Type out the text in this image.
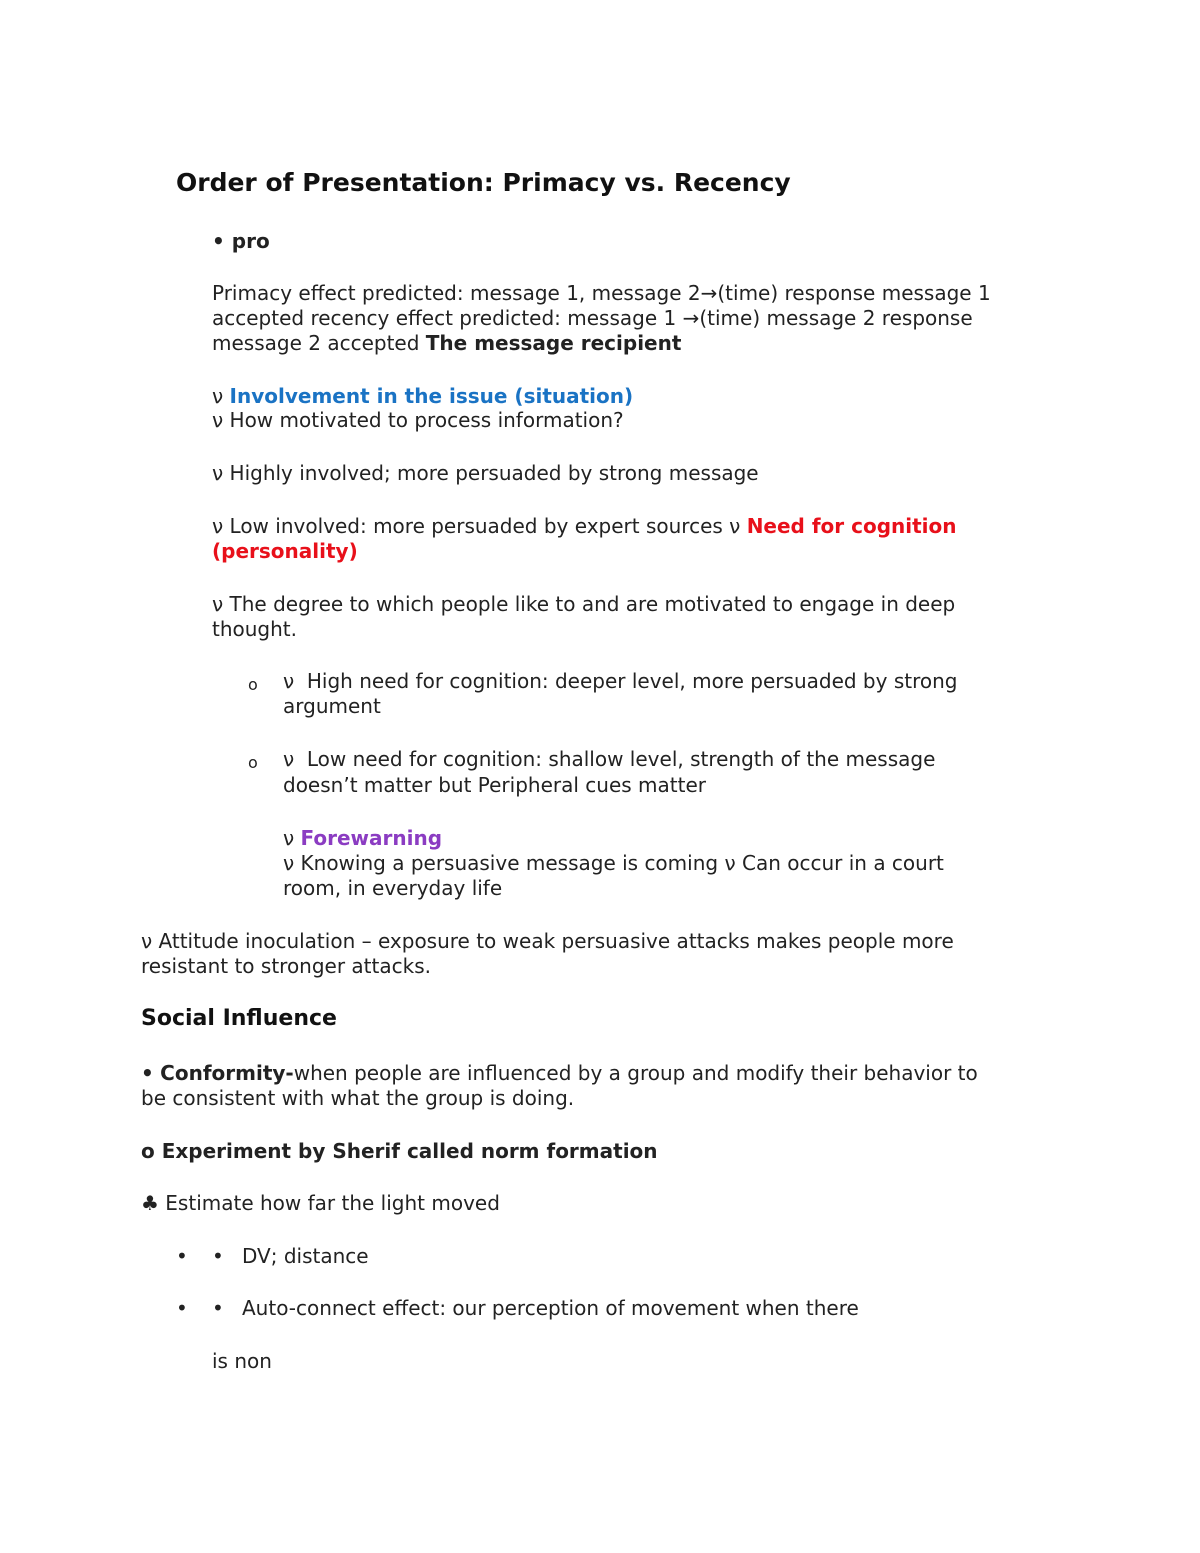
Order of Presentation: Primacy vs. Recency

• pro

Primacy effect predicted: message 1, message 2→(time) response message 1

accepted recency effect predicted: message 1 →(time) message 2 response

message 2 accepted The message recipient

ν Involvement in the issue (situation)

ν How motivated to process information?

ν Highly involved; more persuaded by strong message

ν Low involved: more persuaded by expert sources ν Need for cognition

(personality)

ν The degree to which people like to and are motivated to engage in deep

thought.

o ν High need for cognition: deeper level, more persuaded by strong

argument

o ν Low need for cognition: shallow level, strength of the message

doesn’t matter but Peripheral cues matter

ν Forewarning

ν Knowing a persuasive message is coming ν Can occur in a court

room, in everyday life

ν Attitude inoculation – exposure to weak persuasive attacks makes people more

resistant to stronger attacks.

Social Influence

• Conformity-when people are influenced by a group and modify their behavior to

be consistent with what the group is doing.

o Experiment by Sherif called norm formation

♣ Estimate how far the light moved

• • DV; distance

• • Auto-connect effect: our perception of movement when there

is non
